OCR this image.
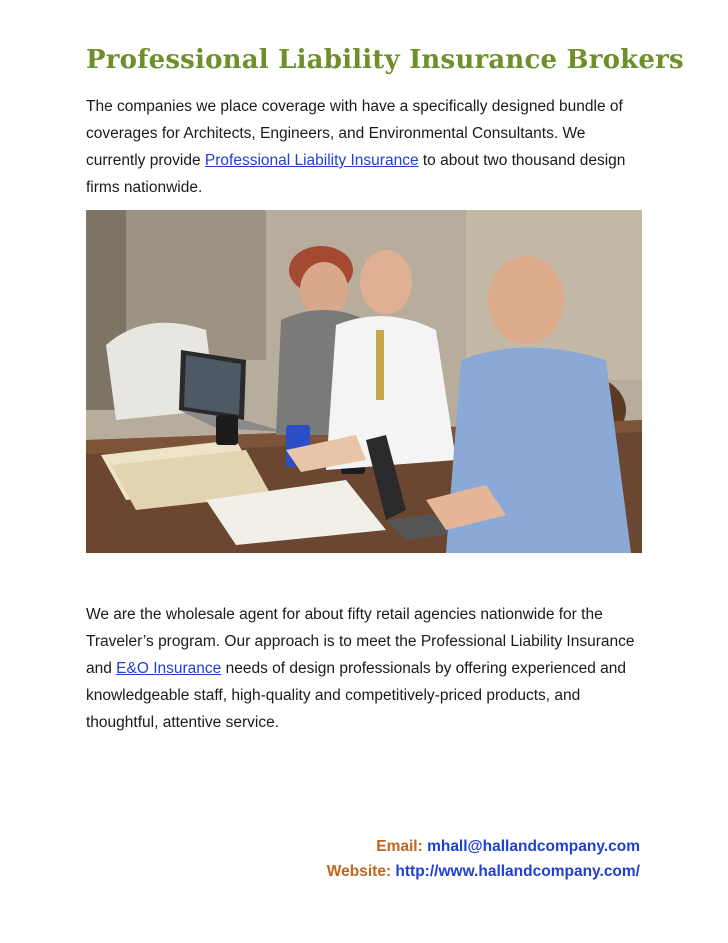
Professional Liability Insurance Brokers

The companies we place coverage with have a specifically designed bundle of coverages for Architects, Engineers, and Environmental Consultants. We currently provide Professional Liability Insurance to about two thousand design firms nationwide.

We are the wholesale agent for about fifty retail agencies nationwide for the Traveler’s program. Our approach is to meet the Professional Liability Insurance and E&O Insurance needs of design professionals by offering experienced and knowledgeable staff, high-quality and competitively-priced products, and thoughtful, attentive service.

Email: mhall@hallandcompany.com
Website: http://www.hallandcompany.com/
